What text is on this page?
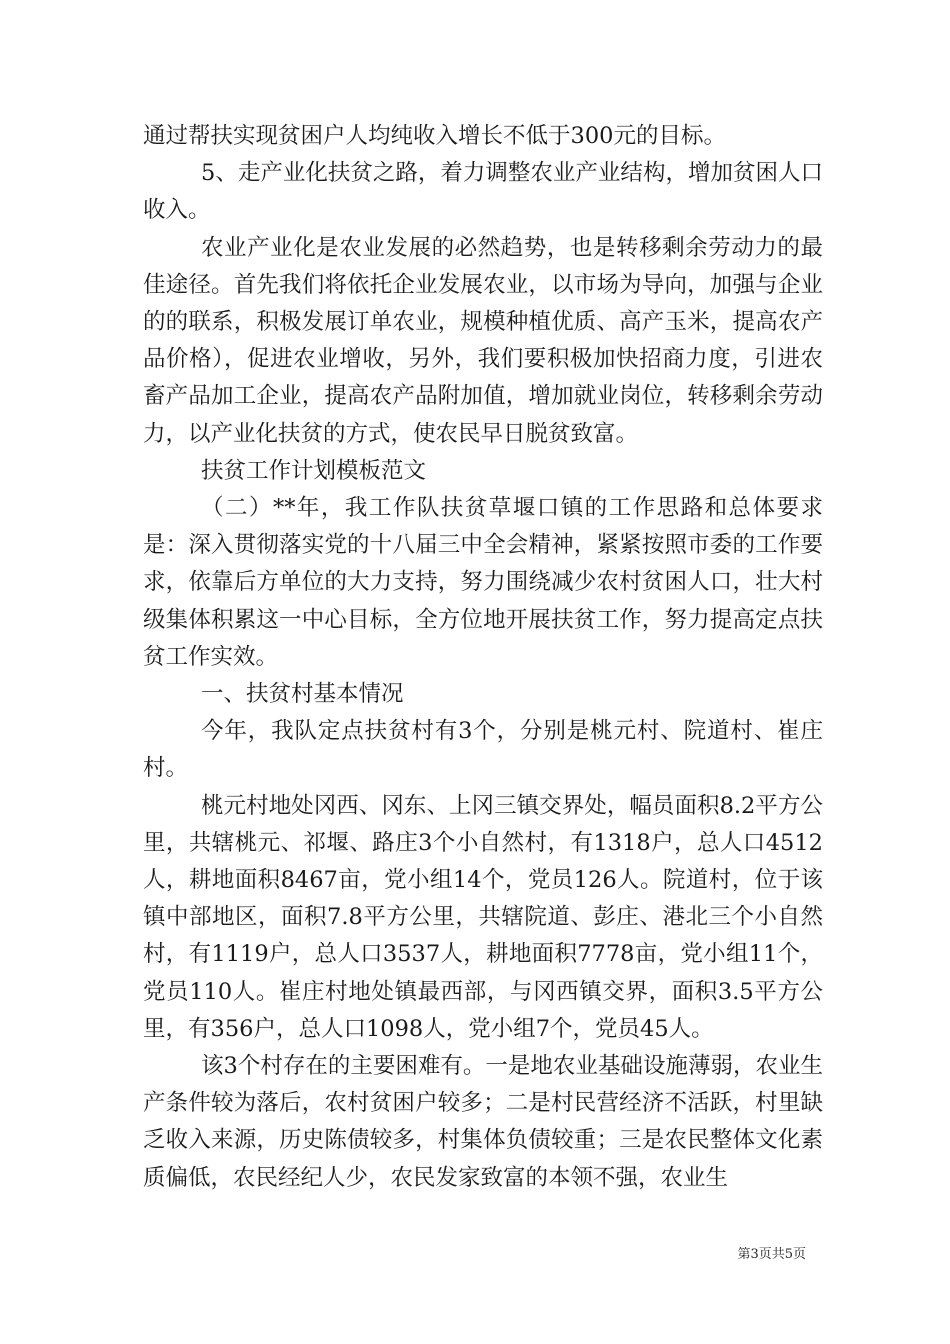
通过帮扶实现贫困户人均纯收入增长不低于300元的目标。

5、走产业化扶贫之路，着力调整农业产业结构，增加贫困人口收入。

农业产业化是农业发展的必然趋势，也是转移剩余劳动力的最佳途径。首先我们将依托企业发展农业，以市场为导向，加强与企业的的联系，积极发展订单农业，规模种植优质、高产玉米，提高农产品价格），促进农业增收，另外，我们要积极加快招商力度，引进农畜产品加工企业，提高农产品附加值，增加就业岗位，转移剩余劳动力，以产业化扶贫的方式，使农民早日脱贫致富。

扶贫工作计划模板范文

（二）**年，我工作队扶贫草堰口镇的工作思路和总体要求是：深入贯彻落实党的十八届三中全会精神，紧紧按照市委的工作要求，依靠后方单位的大力支持，努力围绕减少农村贫困人口，壮大村级集体积累这一中心目标，全方位地开展扶贫工作，努力提高定点扶贫工作实效。

一、扶贫村基本情况

今年，我队定点扶贫村有3个，分别是桃元村、院道村、崔庄村。

桃元村地处冈西、冈东、上冈三镇交界处，幅员面积8.2平方公里，共辖桃元、祁堰、路庄3个小自然村，有1318户，总人口4512人，耕地面积8467亩，党小组14个，党员126人。院道村，位于该镇中部地区，面积7.8平方公里，共辖院道、彭庄、港北三个小自然村，有1119户，总人口3537人，耕地面积7778亩，党小组11个，党员110人。崔庄村地处镇最西部，与冈西镇交界，面积3.5平方公里，有356户，总人口1098人，党小组7个，党员45人。

该3个村存在的主要困难有。一是地农业基础设施薄弱，农业生产条件较为落后，农村贫困户较多；二是村民营经济不活跃，村里缺乏收入来源，历史陈债较多，村集体负债较重；三是农民整体文化素质偏低，农民经纪人少，农民发家致富的本领不强，农业生

第3页共5页
